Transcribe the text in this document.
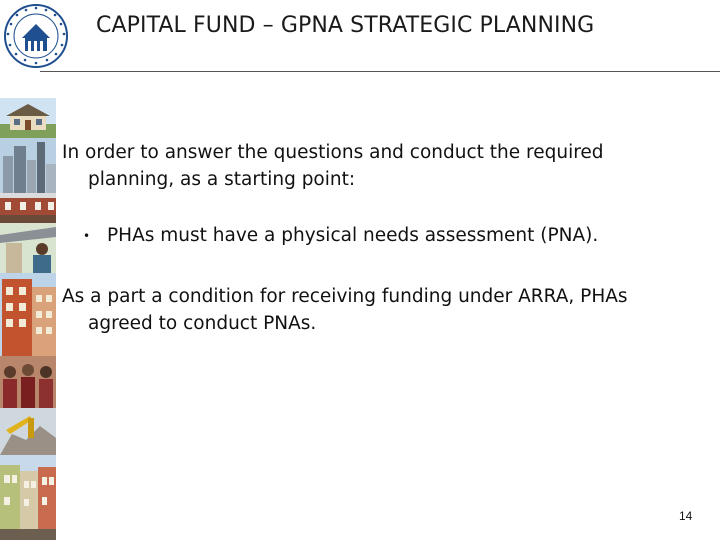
CAPITAL FUND – GPNA STRATEGIC PLANNING
In order to answer the questions and conduct the required
planning, as a starting point:
• PHAs must have a physical needs assessment (PNA).
As a part a condition for receiving funding under ARRA, PHAs
agreed to conduct PNAs.
14
